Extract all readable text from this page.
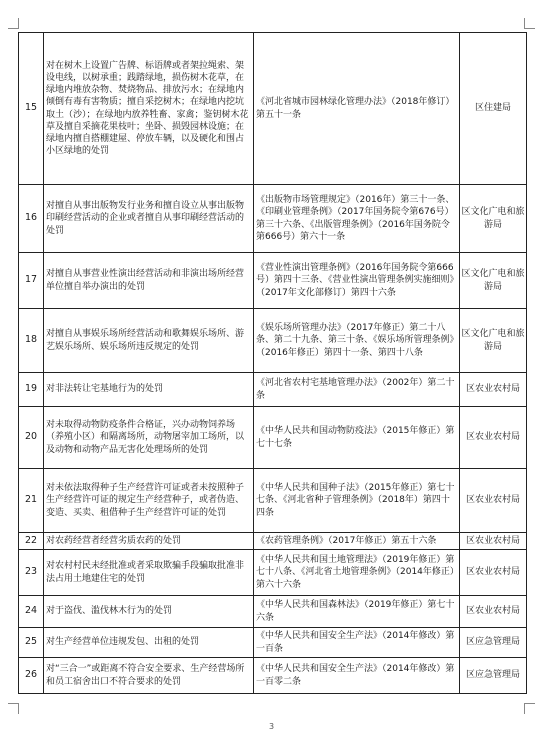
15	对在树木上设置广告牌、标语牌或者架拉绳索、架设电线，以树承重；践踏绿地，损伤树木花草，在绿地内堆放杂物、焚烧物品、排放污水；在绿地内倾倒有毒有害物质；擅自采挖树木；在绿地内挖坑取土（沙）；在绿地内放养牲畜、家禽；鉴钥树木花草及擅自采摘花果枝叶；坐卧、损毁园林设施；在绿地内擅自搭棚建屋、停放车辆，以及硬化和围占小区绿地的处罚	《河北省城市园林绿化管理办法》（2018年修订）第五十一条	区住建局
16	对擅自从事出版物发行业务和擅自设立从事出版物印刷经营活动的企业或者擅自从事印刷经营活动的处罚	《出版物市场管理规定》（2016年）第三十一条、《印刷业管理条例》（2017年国务院令第676号）第三十六条、《出版管理条例》（2016年国务院令第666号）第六十一条	区文化广电和旅游局
17	对擅自从事营业性演出经营活动和非演出场所经营单位擅自举办演出的处罚	《营业性演出管理条例》（2016年国务院令第666号）第四十三条、《营业性演出管理条例实施细则》（2017年文化部修订）第四十六条	区文化广电和旅游局
18	对擅自从事娱乐场所经营活动和歌舞娱乐场所、游艺娱乐场所、娱乐场所违反规定的处罚	《娱乐场所管理办法》（2017年修正）第二十八条、第二十九条、第三十条、《娱乐场所管理条例》（2016年修正）第四十一条、第四十八条	区文化广电和旅游局
19	对非法转让宅基地行为的处罚	《河北省农村宅基地管理办法》（2002年）第二十条	区农业农村局
20	对未取得动物防疫条件合格证，兴办动物饲养场（养殖小区）和隔离场所，动物屠宰加工场所，以及动物和动物产品无害化处理场所的处罚	《中华人民共和国动物防疫法》（2015年修正）第七十七条	区农业农村局
21	对未依法取得种子生产经营许可证或者未按照种子生产经营许可证的规定生产经营种子，或者伪造、变造、买卖、租借种子生产经营许可证的处罚	《中华人民共和国种子法》（2015年修正）第七十七条、《河北省种子管理条例》（2018年）第四十四条	区农业农村局
22	对农药经营者经营劣质农药的处罚	《农药管理条例》（2017年修正）第五十六条	区农业农村局
23	对农村村民未经批准或者采取欺骗手段骗取批准非法占用土地建住宅的处罚	《中华人民共和国土地管理法》（2019年修正）第七十八条、《河北省土地管理条例》（2014年修正）第六十六条	区农业农村局
24	对于盗伐、滥伐林木行为的处罚	《中华人民共和国森林法》（2019年修正）第七十六条	区农业农村局
25	对生产经营单位违规发包、出租的处罚	《中华人民共和国安全生产法》（2014年修改）第一百条	区应急管理局
26	对“三合一”或距离不符合安全要求、生产经营场所和员工宿舍出口不符合要求的处罚	《中华人民共和国安全生产法》（2014年修改）第一百零二条	区应急管理局
3
